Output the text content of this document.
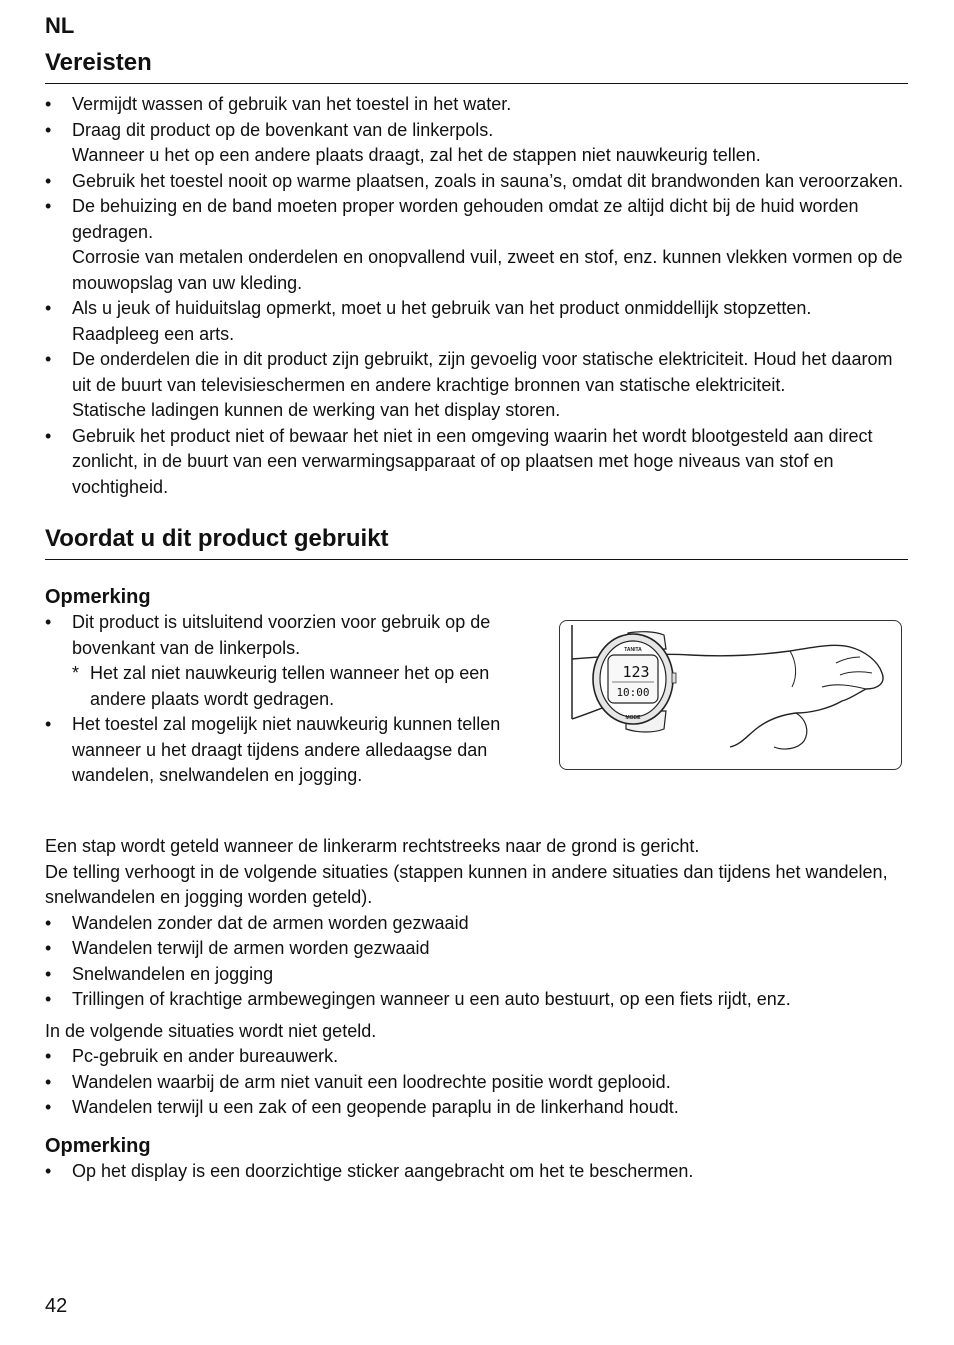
NL
Vereisten
• Vermijdt wassen of gebruik van het toestel in het water.
• Draag dit product op de bovenkant van de linkerpols.
Wanneer u het op een andere plaats draagt, zal het de stappen niet nauwkeurig tellen.
• Gebruik het toestel nooit op warme plaatsen, zoals in sauna’s, omdat dit brandwonden kan veroorzaken.
• De behuizing en de band moeten proper worden gehouden omdat ze altijd dicht bij de huid worden gedragen.
Corrosie van metalen onderdelen en onopvallend vuil, zweet en stof, enz. kunnen vlekken vormen op de mouwopslag van uw kleding.
• Als u jeuk of huiduitslag opmerkt, moet u het gebruik van het product onmiddellijk stopzetten.
Raadpleeg een arts.
• De onderdelen die in dit product zijn gebruikt, zijn gevoelig voor statische elektriciteit. Houd het daarom uit de buurt van televisieschermen en andere krachtige bronnen van statische elektriciteit.
Statische ladingen kunnen de werking van het display storen.
• Gebruik het product niet of bewaar het niet in een omgeving waarin het wordt blootgesteld aan direct zonlicht, in de buurt van een verwarmingsapparaat of op plaatsen met hoge niveaus van stof en vochtigheid.
Voordat u dit product gebruikt
Opmerking
• Dit product is uitsluitend voorzien voor gebruik op de bovenkant van de linkerpols.
* Het zal niet nauwkeurig tellen wanneer het op een andere plaats wordt gedragen.
• Het toestel zal mogelijk niet nauwkeurig kunnen tellen wanneer u het draagt tijdens andere alledaagse dan wandelen, snelwandelen en jogging.
TANITA
123
10:00
MODE

Een stap wordt geteld wanneer de linkerarm rechtstreeks naar de grond is gericht.
De telling verhoogt in de volgende situaties (stappen kunnen in andere situaties dan tijdens het wandelen, snelwandelen en jogging worden geteld).

• Wandelen zonder dat de armen worden gezwaaid
• Wandelen terwijl de armen worden gezwaaid
• Snelwandelen en jogging
• Trillingen of krachtige armbewegingen wanneer u een auto bestuurt, op een fiets rijdt, enz.

In de volgende situaties wordt niet geteld.

• Pc-gebruik en ander bureauwerk.
• Wandelen waarbij de arm niet vanuit een loodrechte positie wordt geplooid.
• Wandelen terwijl u een zak of een geopende paraplu in de linkerhand houdt.
Opmerking
• Op het display is een doorzichtige sticker aangebracht om het te beschermen.
42
